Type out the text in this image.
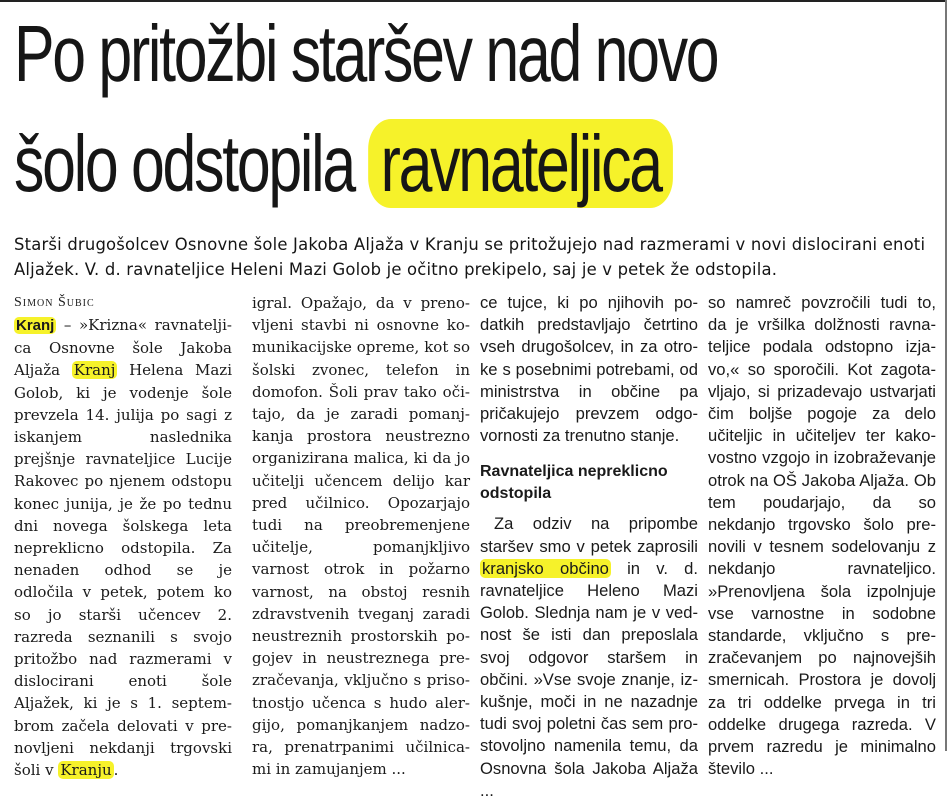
Po pritožbi staršev nad novo
šolo odstopila ravnateljica

Starši drugošolcev Osnovne šole Jakoba Aljaža v Kranju se pritožujejo nad razmerami v novi dislocirani enoti Aljažek. V. d. ravnateljice Heleni Mazi Golob je očitno prekipelo, saj je v petek že odstopila.

Simon Šubic

Kranj – »Krizna« ravnateljica Osnovne šole Jakoba Aljaža Kranj Helena Mazi Golob, ki je vodenje šole prevzela 14. julija po sagi z iskanjem naslednika prejšnje ravnateljice Lucije Rakovec po njenem odstopu konec junija, je že po tednu dni novega šolskega leta nepreklicno odstopila. Za nenaden odhod se je odločila v petek, potem ko so jo starši učencev 2. razreda seznanili s svojo pritožbo nad razmerami v dislocirani enoti šole Aljažek, ki je s 1. septembrom začela delovati v prenovljeni nekdanji trgovski šoli v Kranju .

igral. Opažajo, da v prenovljeni stavbi ni osnovne komunikacijske opreme, kot so šolski zvonec, telefon in domofon. Šoli prav tako očitajo, da je zaradi pomanjkanja prostora neustrezno organizirana malica, ki da jo učitelji učencem delijo kar pred učilnico. Opozarjajo tudi na preobremenjene učitelje, pomanjkljivo varnost otrok in požarno varnost, na obstoj resnih zdravstvenih tveganj zaradi neustreznih prostorskih pogojev in neustreznega prezračevanja, vključno s prisotnostjo učenca s hudo alergijo, pomanjkanjem nadzora, prenatrpanimi učilnicami in zamujanjem ...

ce tujce, ki po njihovih podatkih predstavljajo četrtino vseh drugošolcev, in za otroke s posebnimi potrebami, od ministrstva in občine pa pričakujejo prevzem odgovornosti za trenutno stanje.

Ravnateljica nepreklicno odstopila

Za odziv na pripombe staršev smo v petek zaprosili kranjsko občino in v. d. ravnateljice Heleno Mazi Golob. Slednja nam je v vednost še isti dan preposlala svoj odgovor staršem in občini. »Vse svoje znanje, izkušnje, moči in ne nazadnje tudi svoj poletni čas sem prostovoljno namenila temu, da Osnovna šola Jakoba Aljaža ...

so namreč povzročili tudi to, da je vršilka dolžnosti ravnateljice podala odstopno izjavo,« so sporočili. Kot zagotavljajo, si prizadevajo ustvarjati čim boljše pogoje za delo učiteljic in učiteljev ter kakovostno vzgojo in izobraževanje otrok na OŠ Jakoba Aljaža. Ob tem poudarjajo, da so nekdanjo trgovsko šolo prenovili v tesnem sodelovanju z nekdanjo ravnateljico. »Prenovljena šola izpolnjuje vse varnostne in sodobne standarde, vključno s prezračevanjem po najnovejših smernicah. Prostora je dovolj za tri oddelke prvega in tri oddelke drugega razreda. V prvem razredu je minimalno število ...
